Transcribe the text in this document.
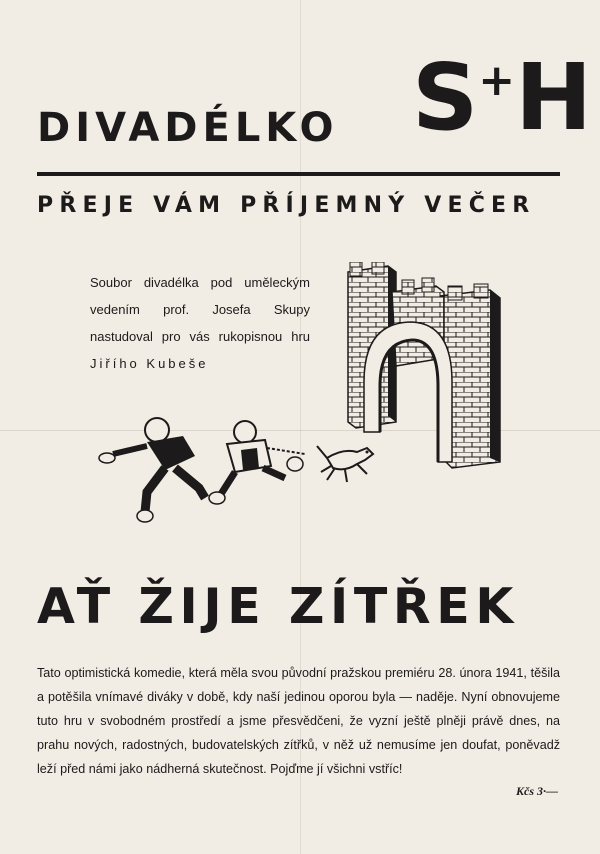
DIVADÉLKO S+H
PŘEJE VÁM PŘÍJEMNÝ VEČER
Soubor divadélka pod uměleckým vedením prof. Josefa Skupy nastudoval pro vás rukopisnou hru Jiřího Kubeše
AŤ ŽIJE ZÍTŘEK
Tato optimistická komedie, která měla svou původní pražskou premiéru 28. února 1941, těšila a potěšila vnímavé diváky v době, kdy naší jedinou oporou byla — naděje. Nyní obnovujeme tuto hru v svobodném prostředí a jsme přesvědčeni, že vyzní ještě plněji právě dnes, na prahu nových, radostných, budovatelských zítřků, v něž už nemusíme jen doufat, poněvadž leží před námi jako nádherná skutečnost. Pojďme jí všichni vstříc!
Kčs 3·—
